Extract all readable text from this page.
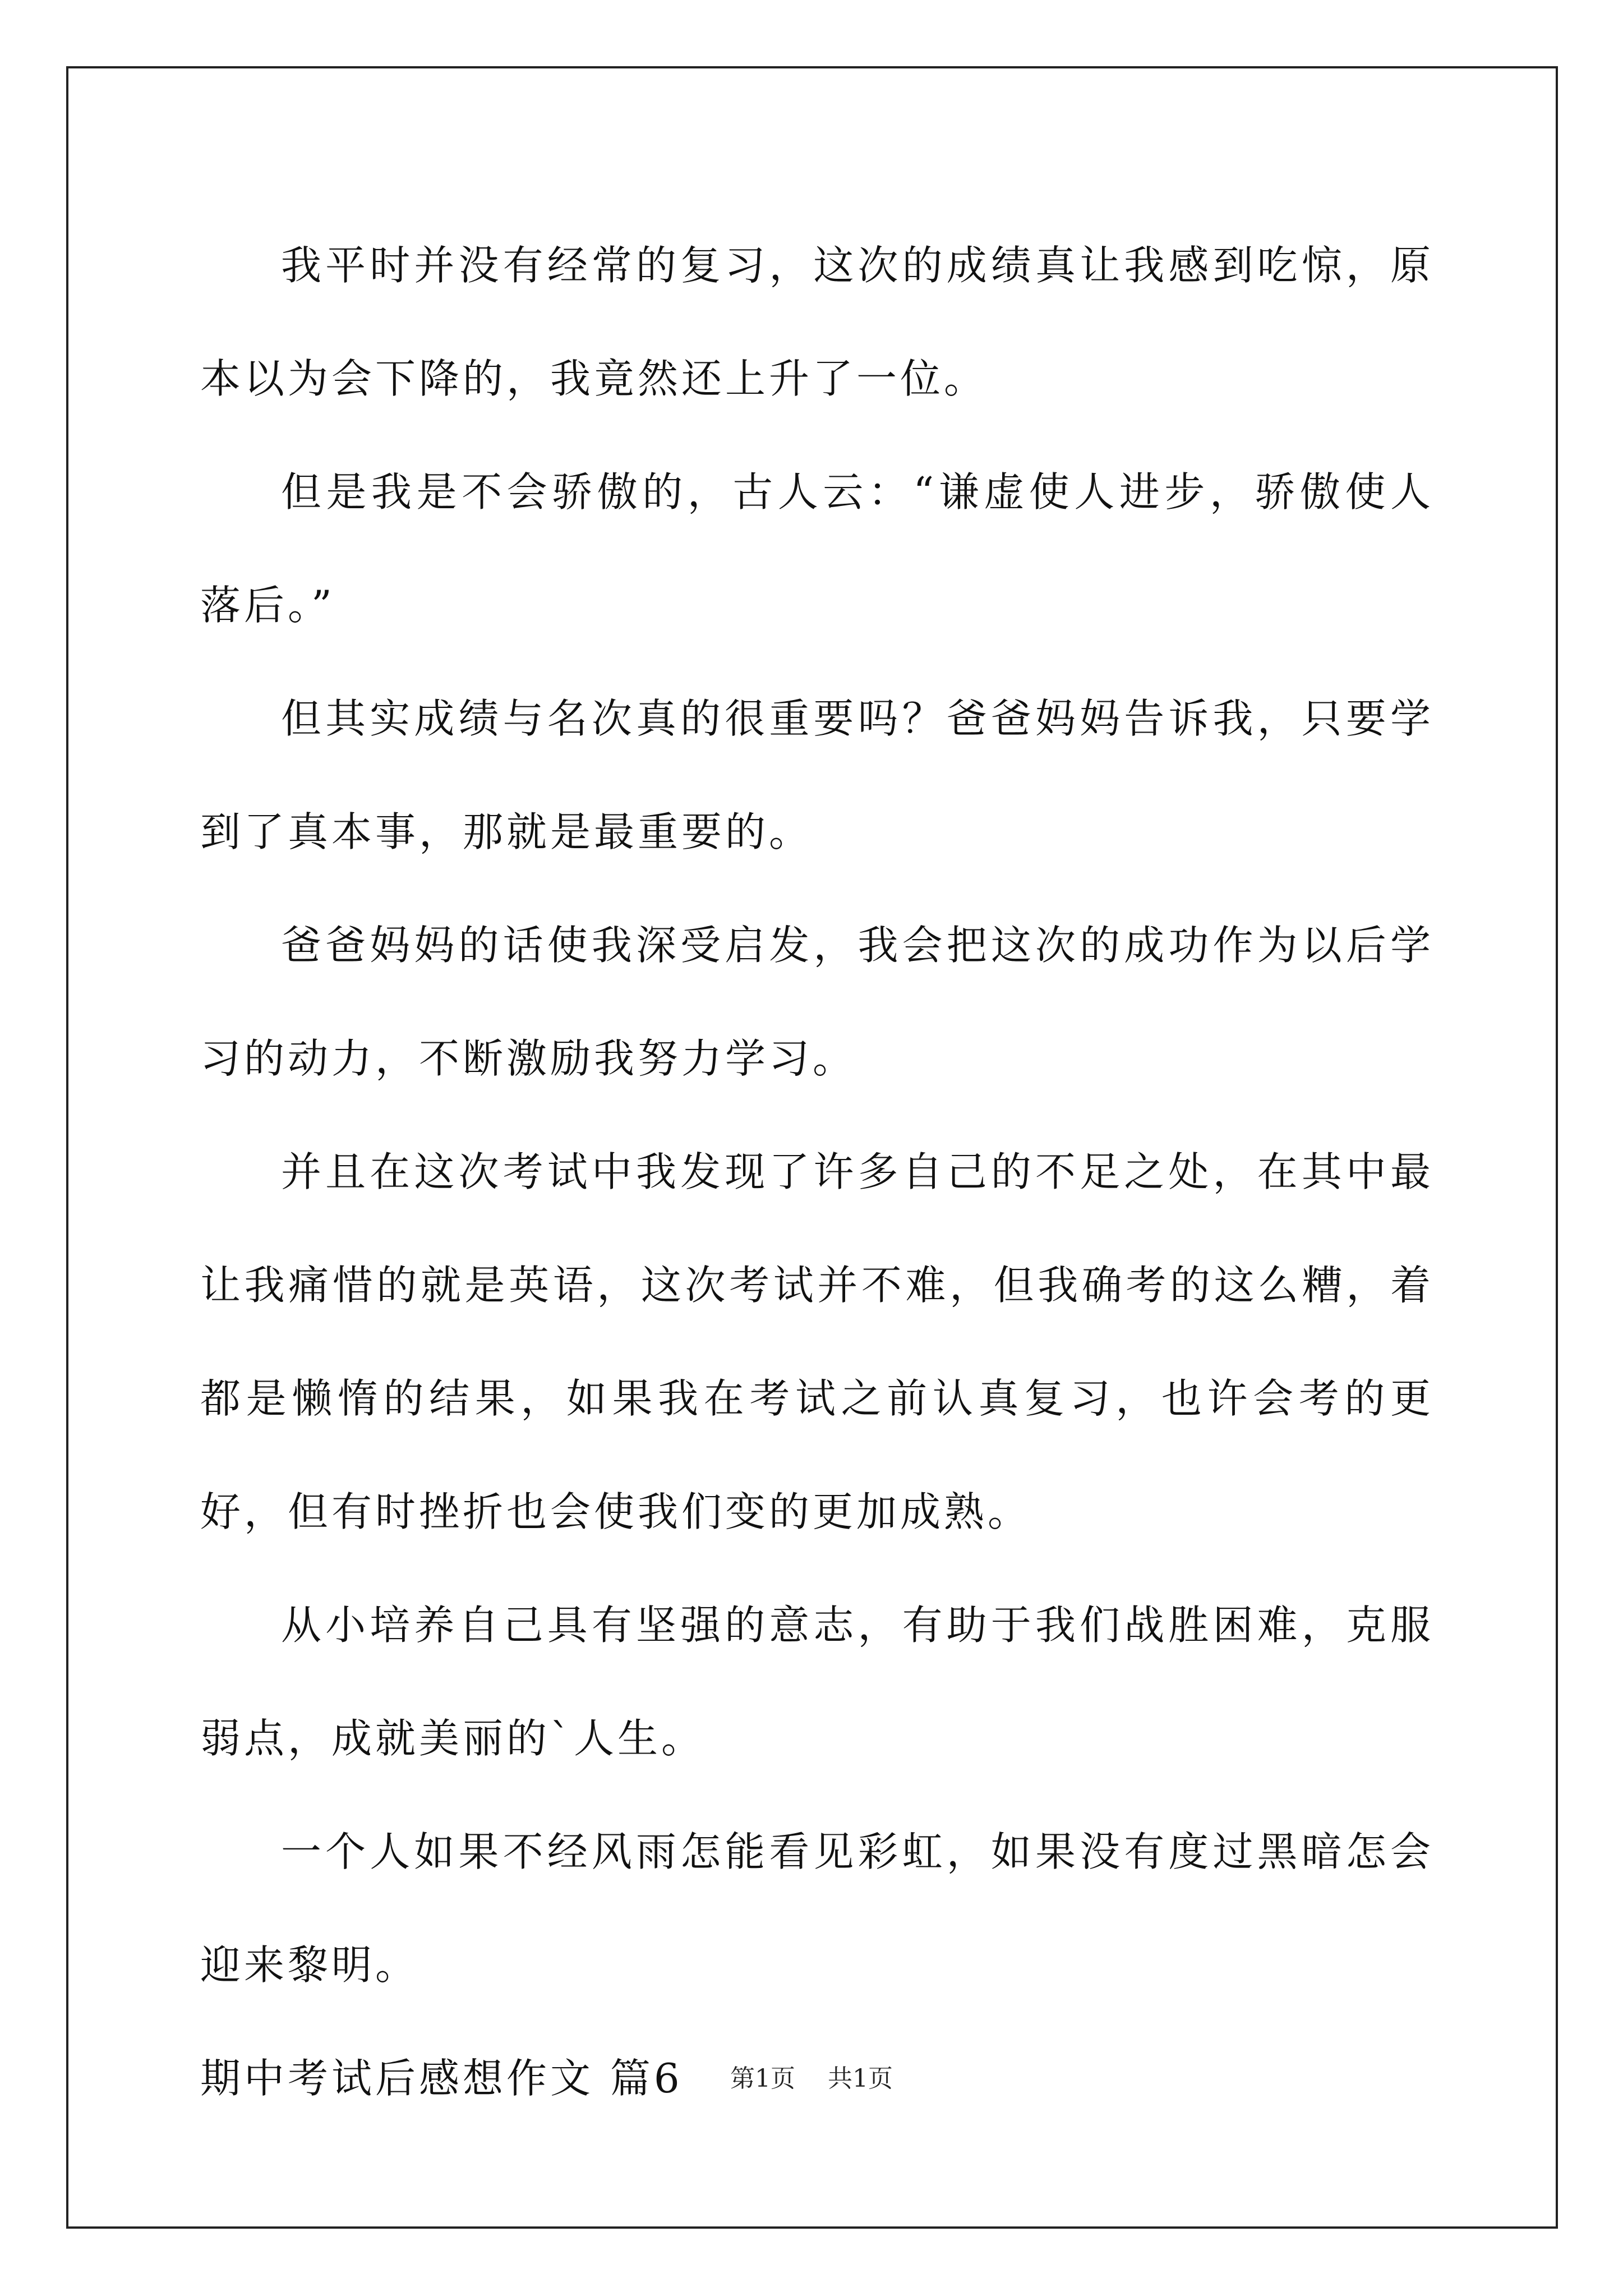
我平时并没有经常的复习，这次的成绩真让我感到吃惊，原本以为会下降的，我竟然还上升了一位。

但是我是不会骄傲的，古人云：“谦虚使人进步，骄傲使人落后。”

但其实成绩与名次真的很重要吗？爸爸妈妈告诉我，只要学到了真本事，那就是最重要的。

爸爸妈妈的话使我深受启发，我会把这次的成功作为以后学习的动力，不断激励我努力学习。

并且在这次考试中我发现了许多自己的不足之处，在其中最让我痛惜的就是英语，这次考试并不难，但我确考的这么糟，着都是懒惰的结果，如果我在考试之前认真复习，也许会考的更好，但有时挫折也会使我们变的更加成熟。

从小培养自己具有坚强的意志，有助于我们战胜困难，克服弱点，成就美丽的`人生。

一个人如果不经风雨怎能看见彩虹，如果没有度过黑暗怎会迎来黎明。

期中考试后感想作文 篇6	第1页 共1页
